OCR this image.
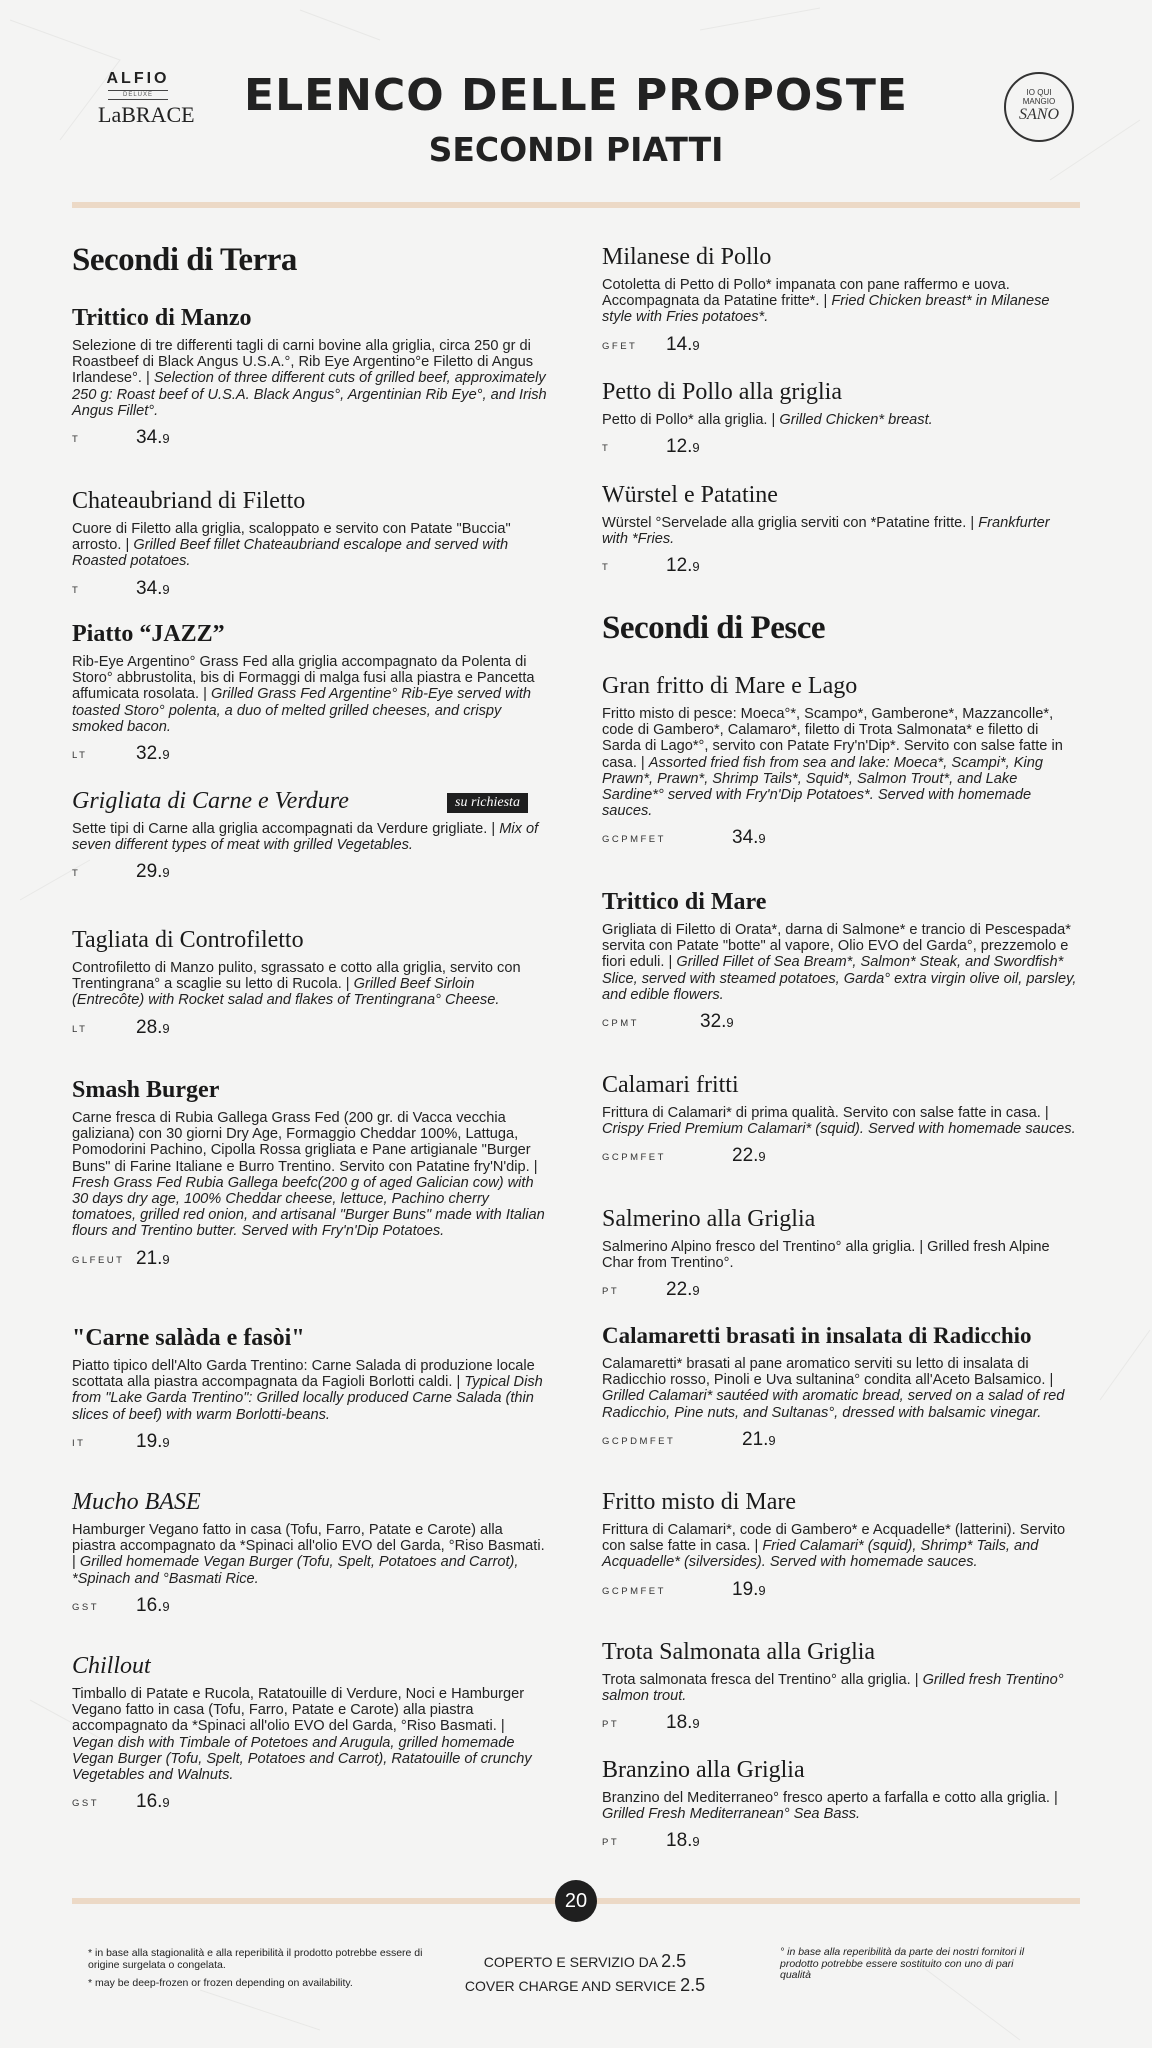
ALFIO
DELUXE
LaBRACE	ELENCO DELLE PROPOSTE
SECONDI PIATTI
IO QUI
MANGIO
SANO
Secondi di Terra
Trittico di Manzo
Selezione di tre differenti tagli di carni bovine alla griglia, circa 250 gr di Roastbeef di Black Angus U.S.A.°, Rib Eye Argentino°e Filetto di Angus Irlandese°. | Selection of three different cuts of grilled beef, approximately 250 g: Roast beef of U.S.A. Black Angus°, Argentinian Rib Eye°, and Irish Angus Fillet°.
T	34.9
Chateaubriand di Filetto
Cuore di Filetto alla griglia, scaloppato e servito con Patate "Buccia" arrosto. | Grilled Beef fillet Chateaubriand escalope and served with Roasted potatoes.
T	34.9
Piatto “JAZZ”
Rib-Eye Argentino° Grass Fed alla griglia accompagnato da Polenta di Storo° abbrustolita, bis di Formaggi di malga fusi alla piastra e Pancetta affumicata rosolata. | Grilled Grass Fed Argentine° Rib-Eye served with toasted Storo° polenta, a duo of melted grilled cheeses, and crispy smoked bacon.
LT	32.9
Grigliata di Carne e Verdure	su richiesta
Sette tipi di Carne alla griglia accompagnati da Verdure grigliate. | Mix of seven different types of meat with grilled Vegetables.
T	29.9
Tagliata di Controfiletto
Controfiletto di Manzo pulito, sgrassato e cotto alla griglia, servito con Trentingrana° a scaglie su letto di Rucola. | Grilled Beef Sirloin (Entrecôte) with Rocket salad and flakes of Trentingrana° Cheese.
LT	28.9
Smash Burger
Carne fresca di Rubia Gallega Grass Fed (200 gr. di Vacca vecchia galiziana) con 30 giorni Dry Age, Formaggio Cheddar 100%, Lattuga, Pomodorini Pachino, Cipolla Rossa grigliata e Pane artigianale "Burger Buns" di Farine Italiane e Burro Trentino. Servito con Patatine fry'N'dip. | Fresh Grass Fed Rubia Gallega beefc(200 g of aged Galician cow) with 30 days dry age, 100% Cheddar cheese, lettuce, Pachino cherry tomatoes, grilled red onion, and artisanal "Burger Buns" made with Italian flours and Trentino butter. Served with Fry'n'Dip Potatoes.
GLFEUT 21.9
"Carne salàda e fasòi"
Piatto tipico dell'Alto Garda Trentino: Carne Salada di produzione locale scottata alla piastra accompagnata da Fagioli Borlotti caldi. | Typical Dish from "Lake Garda Trentino": Grilled locally produced Carne Salada (thin slices of beef) with warm Borlotti-beans.
IT	19.9
Mucho BASE
Hamburger Vegano fatto in casa (Tofu, Farro, Patate e Carote) alla piastra accompagnato da *Spinaci all'olio EVO del Garda, °Riso Basmati. | Grilled homemade Vegan Burger (Tofu, Spelt, Potatoes and Carrot), *Spinach and °Basmati Rice.
GST 16.9
Chillout
Timballo di Patate e Rucola, Ratatouille di Verdure, Noci e Hamburger Vegano fatto in casa (Tofu, Farro, Patate e Carote) alla piastra accompagnato da *Spinaci all'olio EVO del Garda, °Riso Basmati. | Vegan dish with Timbale of Potetoes and Arugula, grilled homemade Vegan Burger (Tofu, Spelt, Potatoes and Carrot), Ratatouille of crunchy Vegetables and Walnuts.
GST 16.9
Milanese di Pollo
Cotoletta di Petto di Pollo* impanata con pane raffermo e uova. Accompagnata da Patatine fritte*. | Fried Chicken breast* in Milanese style with Fries potatoes*.
GFET 14.9
Petto di Pollo alla griglia
Petto di Pollo* alla griglia. | Grilled Chicken* breast.
T	12.9
Würstel e Patatine
Würstel °Servelade alla griglia serviti con *Patatine fritte. | Frankfurter with *Fries.
T	12.9
Secondi di Pesce
Gran fritto di Mare e Lago
Fritto misto di pesce: Moeca°*, Scampo*, Gamberone*, Mazzancolle*, code di Gambero*, Calamaro*, filetto di Trota Salmonata* e filetto di Sarda di Lago*°, servito con Patate Fry'n'Dip*. Servito con salse fatte in casa. | Assorted fried fish from sea and lake: Moeca*, Scampi*, King Prawn*, Prawn*, Shrimp Tails*, Squid*, Salmon Trout*, and Lake Sardine*° served with Fry'n'Dip Potatoes*. Served with homemade sauces.
GCPMFET	34.9
Trittico di Mare
Grigliata di Filetto di Orata*, darna di Salmone* e trancio di Pescespada* servita con Patate "botte" al vapore, Olio EVO del Garda°, prezzemolo e fiori eduli. | Grilled Fillet of Sea Bream*, Salmon* Steak, and Swordfish* Slice, served with steamed potatoes, Garda° extra virgin olive oil, parsley, and edible flowers.
CPMT	32.9
Calamari fritti
Frittura di Calamari* di prima qualità. Servito con salse fatte in casa. | Crispy Fried Premium Calamari* (squid). Served with homemade sauces.
GCPMFET	22.9
Salmerino alla Griglia
Salmerino Alpino fresco del Trentino° alla griglia. | Grilled fresh Alpine Char from Trentino°.
PT 22.9
Calamaretti brasati in insalata di Radicchio
Calamaretti* brasati al pane aromatico serviti su letto di insalata di Radicchio rosso, Pinoli e Uva sultanina° condita all'Aceto Balsamico. | Grilled Calamari* sautéed with aromatic bread, served on a salad of red Radicchio, Pine nuts, and Sultanas°, dressed with balsamic vinegar.
GCPDMFET	21.9
Fritto misto di Mare
Frittura di Calamari*, code di Gambero* e Acquadelle* (latterini). Servito con salse fatte in casa. | Fried Calamari* (squid), Shrimp* Tails, and Acquadelle* (silversides). Served with homemade sauces.
GCPMFET	19.9
Trota Salmonata alla Griglia
Trota salmonata fresca del Trentino° alla griglia. | Grilled fresh Trentino° salmon trout.
PT 18.9
Branzino alla Griglia
Branzino del Mediterraneo° fresco aperto a farfalla e cotto alla griglia. | Grilled Fresh Mediterranean° Sea Bass.
PT 18.9
20
* in base alla stagionalità e alla reperibilità il prodotto potrebbe essere di origine surgelata o congelata.
* may be deep-frozen or frozen depending on availability.
COPERTO E SERVIZIO DA 2.5
COVER CHARGE AND SERVICE 2.5
° in base alla reperibilità da parte dei nostri fornitori il prodotto potrebbe essere sostituito con uno di pari qualità
